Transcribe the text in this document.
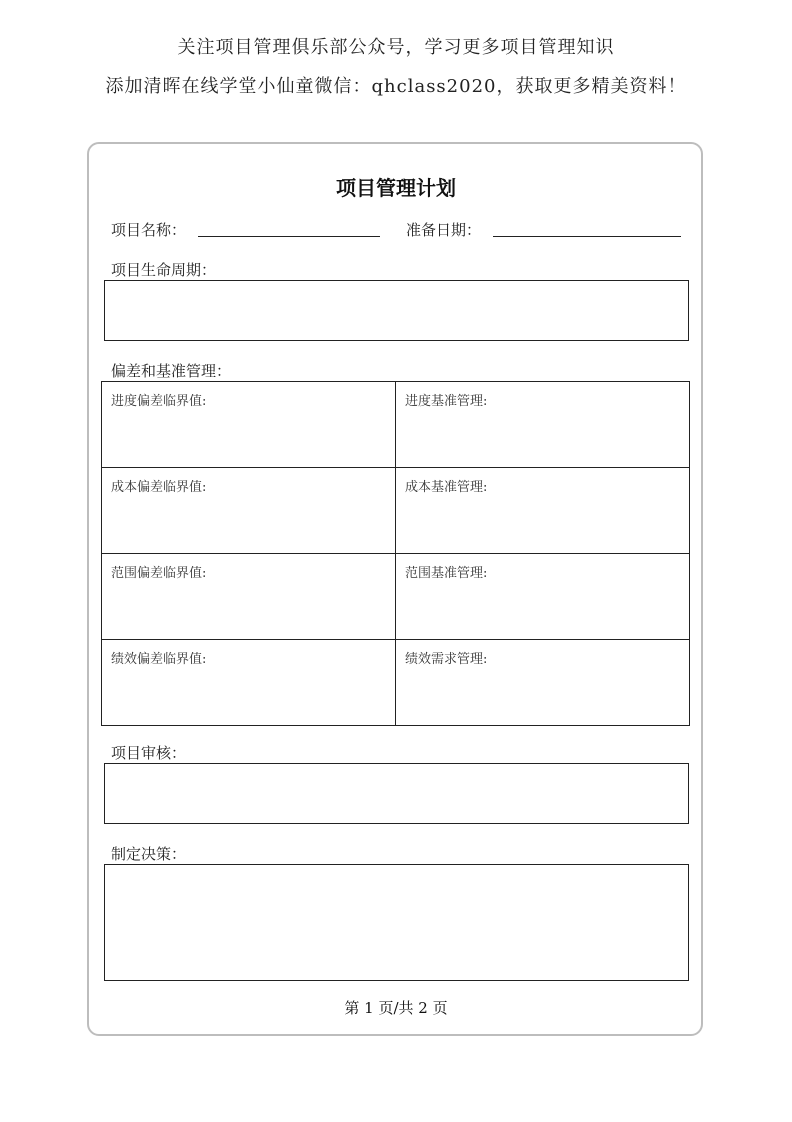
关注项目管理俱乐部公众号，学习更多项目管理知识
添加清晖在线学堂小仙童微信：qhclass2020，获取更多精美资料！
项目管理计划
项目名称：	准备日期：
项目生命周期：
偏差和基准管理：
进度偏差临界值:	进度基准管理:
成本偏差临界值:	成本基准管理:
范围偏差临界值:	范围基准管理:
绩效偏差临界值:	绩效需求管理:
项目审核：
制定决策：
第 1 页/共 2 页
